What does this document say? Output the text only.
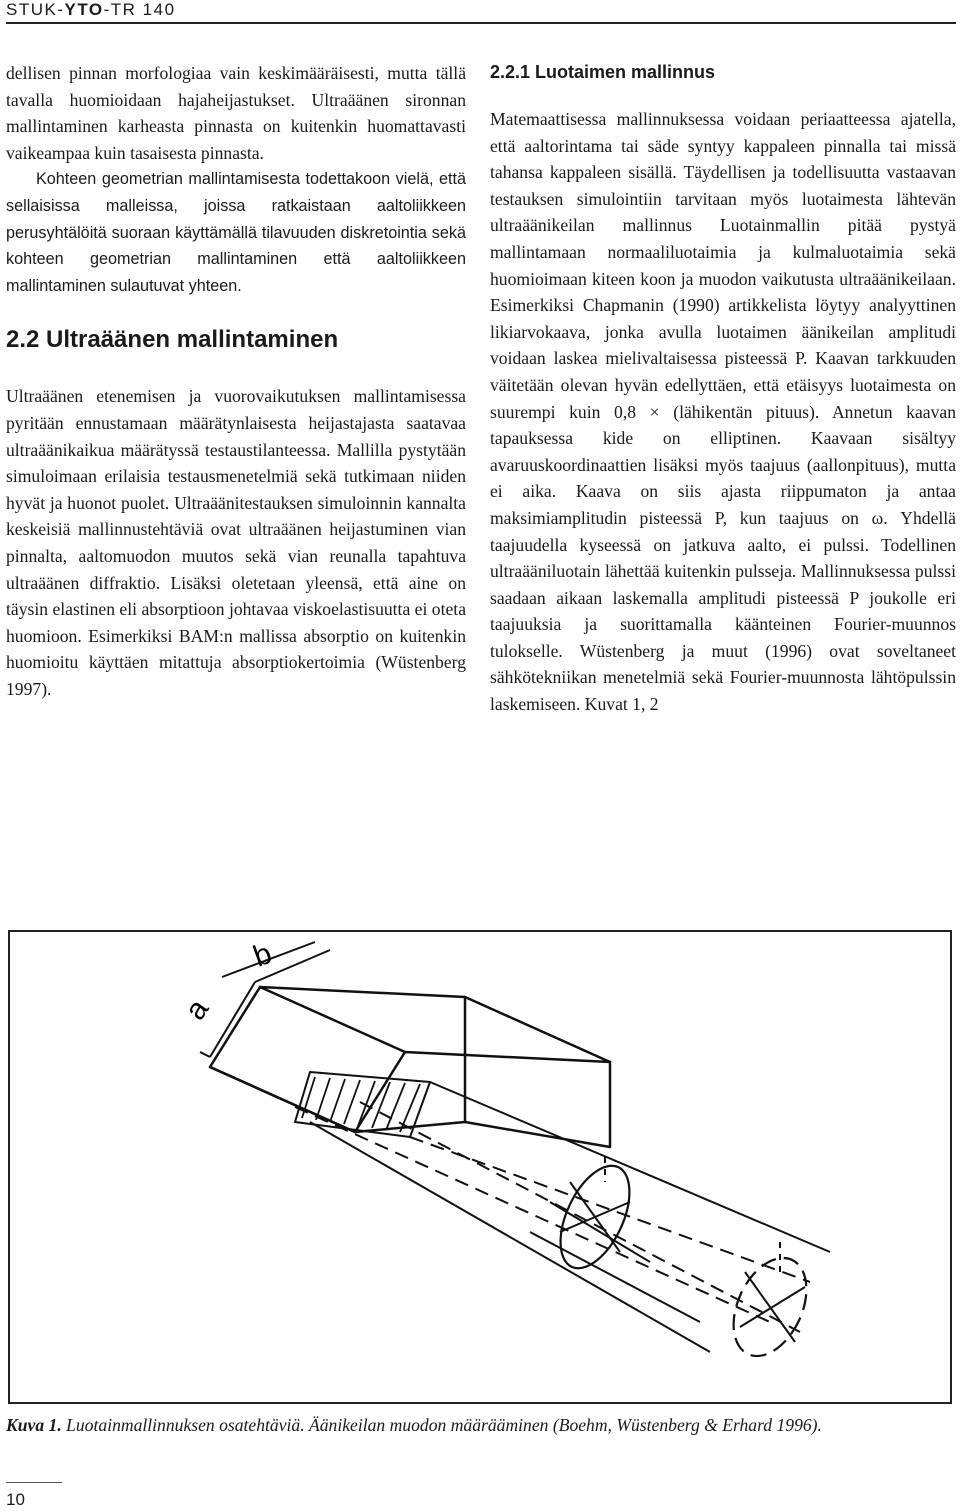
STUK-YTO-TR 140

dellisen pinnan morfologiaa vain keskimääräisesti, mutta tällä tavalla huomioidaan hajaheijastukset. Ultraäänen sironnan mallintaminen karheasta pinnasta on kuitenkin huomattavasti vaikeampaa kuin tasaisesta pinnasta.

Kohteen geometrian mallintamisesta todettakoon vielä, että sellaisissa malleissa, joissa ratkaistaan aaltoliikkeen perusyhtälöitä suoraan käyttämällä tilavuuden diskretointia sekä kohteen geometrian mallintaminen että aaltoliikkeen mallintaminen sulautuvat yhteen.

2.2 Ultraäänen mallintaminen

Ultraäänen etenemisen ja vuorovaikutuksen mallintamisessa pyritään ennustamaan määrätynlaisesta heijastajasta saatavaa ultraäänikaikua määrätyssä testaustilanteessa. Mallilla pystytään simuloimaan erilaisia testausmenetelmiä sekä tutkimaan niiden hyvät ja huonot puolet. Ultraäänitestauksen simuloinnin kannalta keskeisiä mallinnustehtäviä ovat ultraäänen heijastuminen vian pinnalta, aaltomuodon muutos sekä vian reunalla tapahtuva ultraäänen diffraktio. Lisäksi oletetaan yleensä, että aine on täysin elastinen eli absorptioon johtavaa viskoelastisuutta ei oteta huomioon. Esimerkiksi BAM:n mallissa absorptio on kuitenkin huomioitu käyttäen mitattuja absorptiokertoimia (Wüstenberg 1997).

2.2.1 Luotaimen mallinnus

Matemaattisessa mallinnuksessa voidaan periaatteessa ajatella, että aaltorintama tai säde syntyy kappaleen pinnalla tai missä tahansa kappaleen sisällä. Täydellisen ja todellisuutta vastaavan testauksen simulointiin tarvitaan myös luotaimesta lähtevän ultraäänikeilan mallinnus Luotainmallin pitää pystyä mallintamaan normaaliluotaimia ja kulmaluotaimia sekä huomioimaan kiteen koon ja muodon vaikutusta ultraäänikeilaan. Esimerkiksi Chapmanin (1990) artikkelista löytyy analyyttinen likiarvokaava, jonka avulla luotaimen äänikeilan amplitudi voidaan laskea mielivaltaisessa pisteessä P. Kaavan tarkkuuden väitetään olevan hyvän edellyttäen, että etäisyys luotaimesta on suurempi kuin 0,8 × (lähikentän pituus). Annetun kaavan tapauksessa kide on elliptinen. Kaavaan sisältyy avaruuskoordinaattien lisäksi myös taajuus (aallonpituus), mutta ei aika. Kaava on siis ajasta riippumaton ja antaa maksimiamplitudin pisteessä P, kun taajuus on ω. Yhdellä taajuudella kyseessä on jatkuva aalto, ei pulssi. Todellinen ultraääniluotain lähettää kuitenkin pulsseja. Mallinnuksessa pulssi saadaan aikaan laskemalla amplitudi pisteessä P joukolle eri taajuuksia ja suorittamalla käänteinen Fourier-muunnos tulokselle. Wüstenberg ja muut (1996) ovat soveltaneet sähkötekniikan menetelmiä sekä Fourier-muunnosta lähtöpulssin laskemiseen. Kuvat 1, 2

a
b
Kuva 1. Luotainmallinnuksen osatehtäviä. Äänikeilan muodon määrääminen (Boehm, Wüstenberg & Erhard 1996).
10
